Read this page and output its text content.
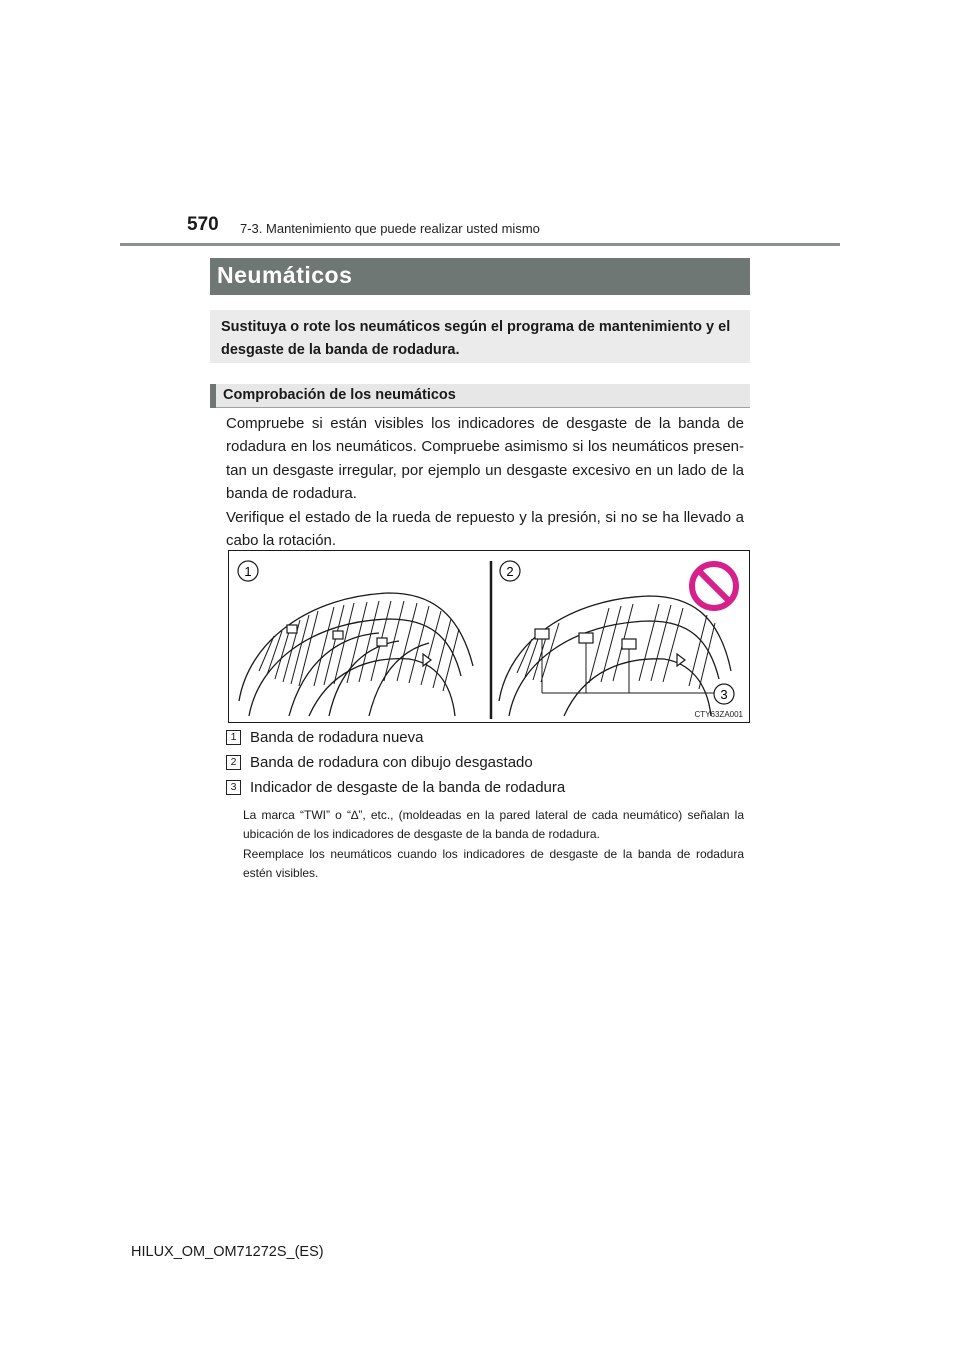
570 7-3. Mantenimiento que puede realizar usted mismo
Neumáticos
Sustituya o rote los neumáticos según el programa de mantenimiento y el desgaste de la banda de rodadura.
Comprobación de los neumáticos

Compruebe si están visibles los indicadores de desgaste de la banda de rodadura en los neumáticos. Compruebe asimismo si los neumáticos presen-tan un desgaste irregular, por ejemplo un desgaste excesivo en un lado de la banda de rodadura.

Verifique el estado de la rueda de repuesto y la presión, si no se ha llevado a cabo la rotación.

1	2
3
CTY63ZA001
1 Banda de rodadura nueva
2 Banda de rodadura con dibujo desgastado
3 Indicador de desgaste de la banda de rodadura

La marca “TWI” o “∆”, etc., (moldeadas en la pared lateral de cada neumático) señalan la ubicación de los indicadores de desgaste de la banda de rodadura.

Reemplace los neumáticos cuando los indicadores de desgaste de la banda de rodadura estén visibles.

HILUX_OM_OM71272S_(ES)
